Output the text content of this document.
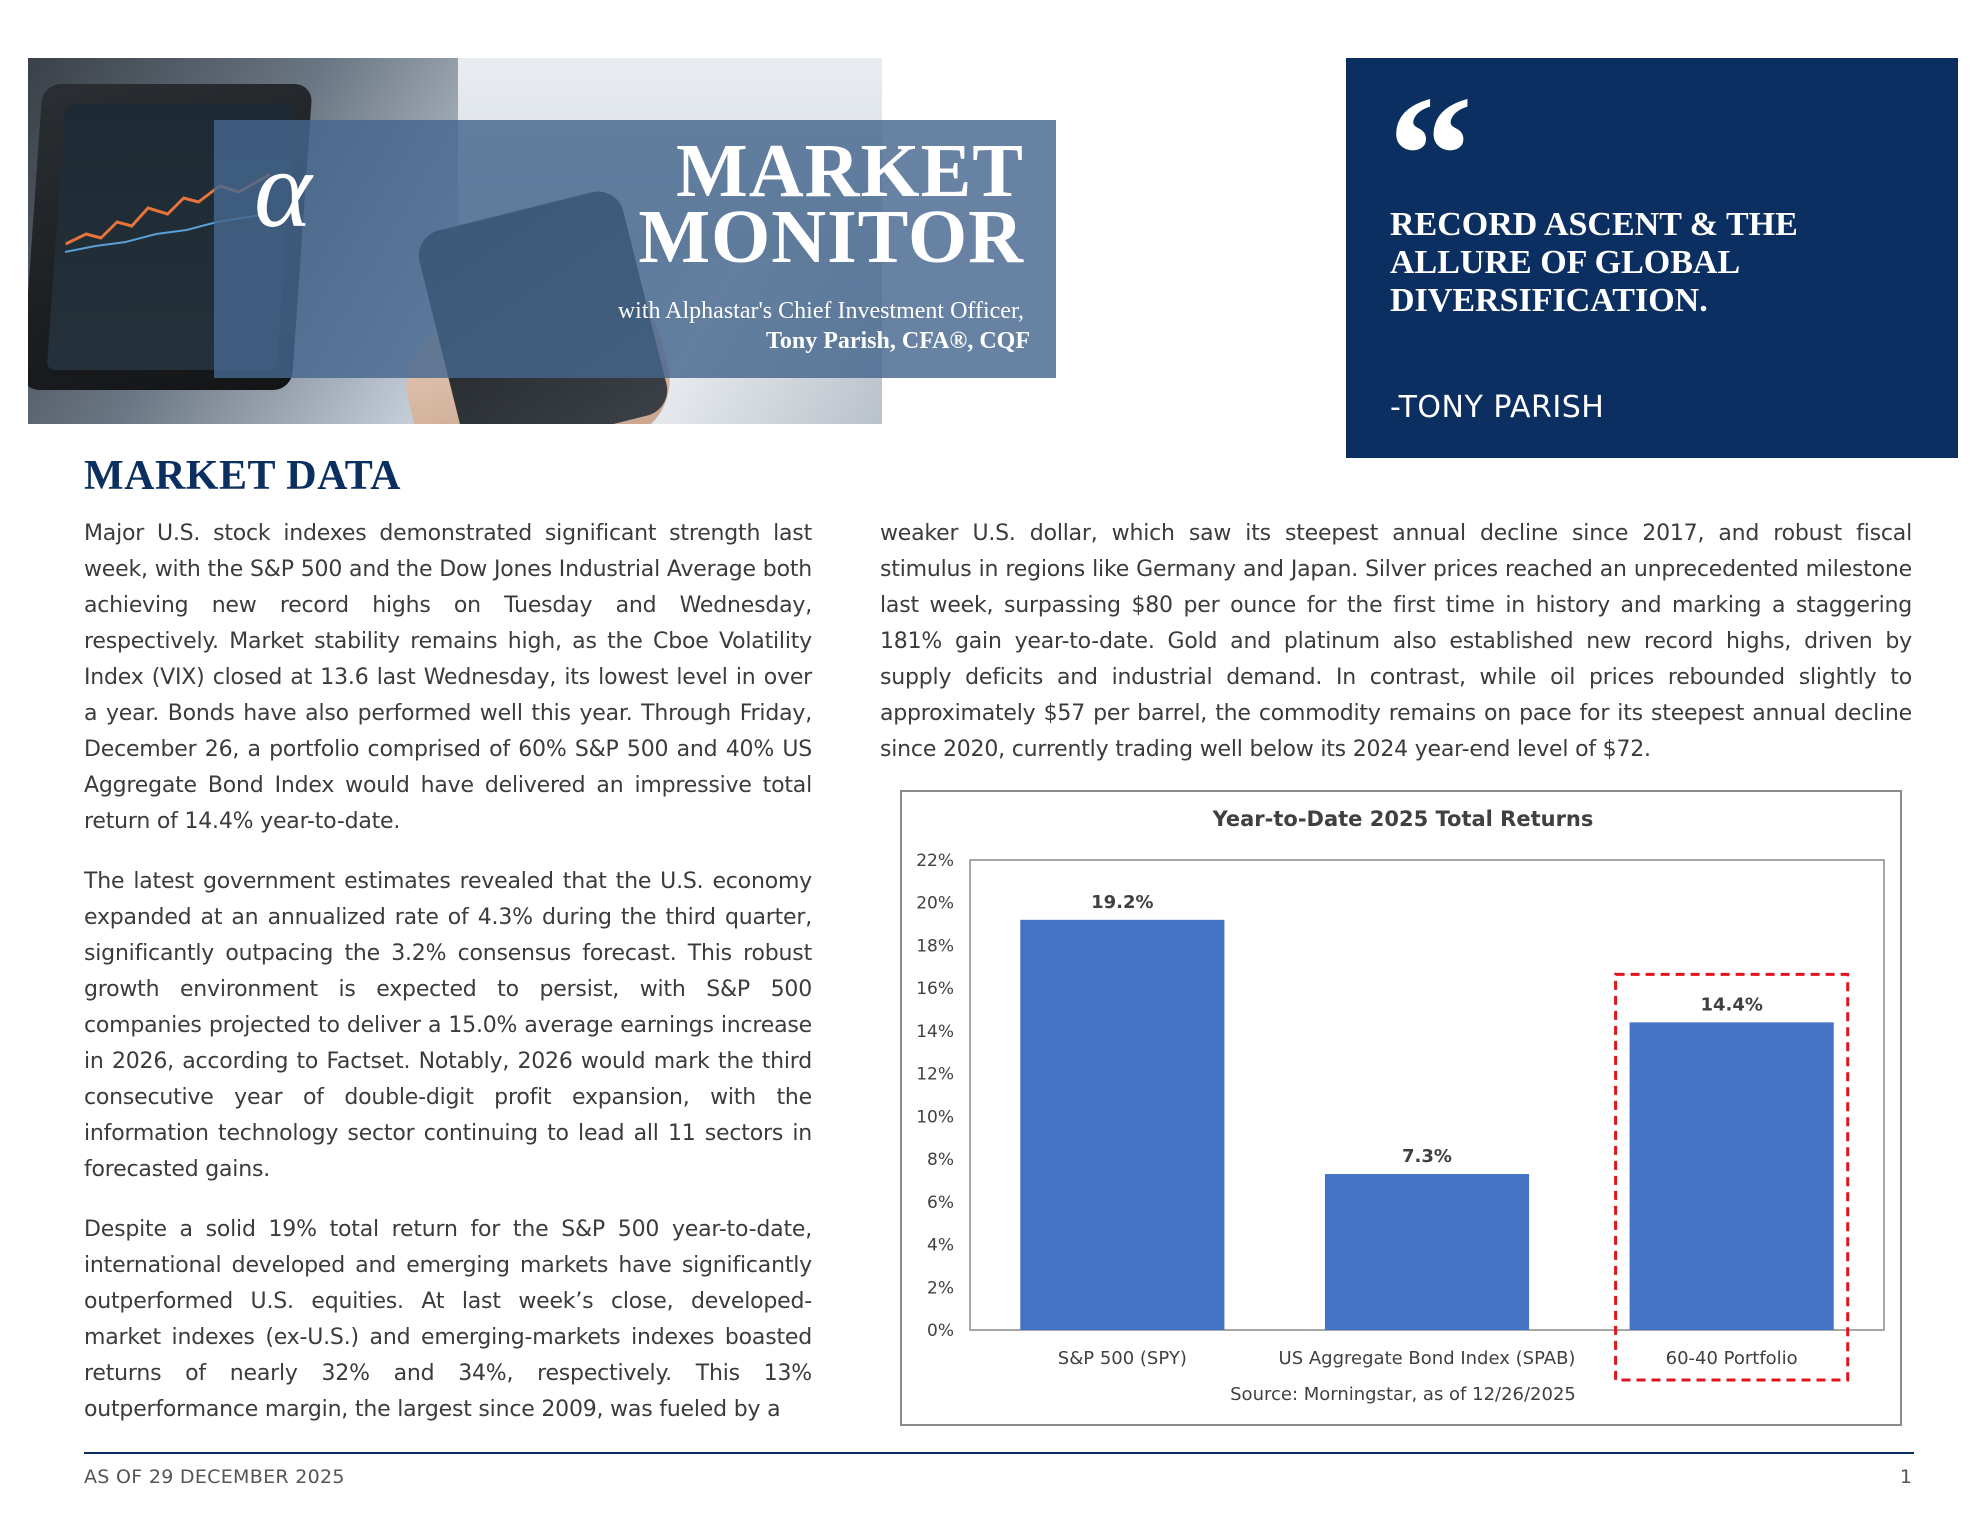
α	MARKET
MONITOR
with Alphastar's Chief Investment Officer,
Tony Parish, CFA®, CQF
“
RECORD ASCENT & THE ALLURE OF GLOBAL DIVERSIFICATION.
-TONY PARISH
MARKET DATA

Major U.S. stock indexes demonstrated significant strength last week, with the S&P 500 and the Dow Jones Industrial Average both achieving new record highs on Tuesday and Wednesday, respectively. Market stability remains high, as the Cboe Volatility Index (VIX) closed at 13.6 last Wednesday, its lowest level in over a year. Bonds have also performed well this year. Through Friday, December 26, a portfolio comprised of 60% S&P 500 and 40% US Aggregate Bond Index would have delivered an impressive total return of 14.4% year-to-date.

The latest government estimates revealed that the U.S. economy expanded at an annualized rate of 4.3% during the third quarter, significantly outpacing the 3.2% consensus forecast. This robust growth environment is expected to persist, with S&P 500 companies projected to deliver a 15.0% average earnings increase in 2026, according to Factset. Notably, 2026 would mark the third consecutive year of double-digit profit expansion, with the information technology sector continuing to lead all 11 sectors in forecasted gains.

Despite a solid 19% total return for the S&P 500 year-to-date, international developed and emerging markets have significantly outperformed U.S. equities. At last week’s close, developed-market indexes (ex-U.S.) and emerging-markets indexes boasted returns of nearly 32% and 34%, respectively. This 13% outperformance margin, the largest since 2009, was fueled by a

weaker U.S. dollar, which saw its steepest annual decline since 2017, and robust fiscal stimulus in regions like Germany and Japan. Silver prices reached an unprecedented milestone last week, surpassing $80 per ounce for the first time in history and marking a staggering 181% gain year-to-date. Gold and platinum also established new record highs, driven by supply deficits and industrial demand. In contrast, while oil prices rebounded slightly to approximately $57 per barrel, the commodity remains on pace for its steepest annual decline since 2020, currently trading well below its 2024 year-end level of $72.

Year-to-Date 2025 Total Returns
Source: Morningstar, as of 12/26/2025
0%
2%
4%
6%
8%
10%
12%
14%
16%
18%
20%
22%
19.2%
S&P 500 (SPY)
7.3%
US Aggregate Bond Index (SPAB)
14.4%
60-40 Portfolio
AS OF 29 DECEMBER 2025	1
